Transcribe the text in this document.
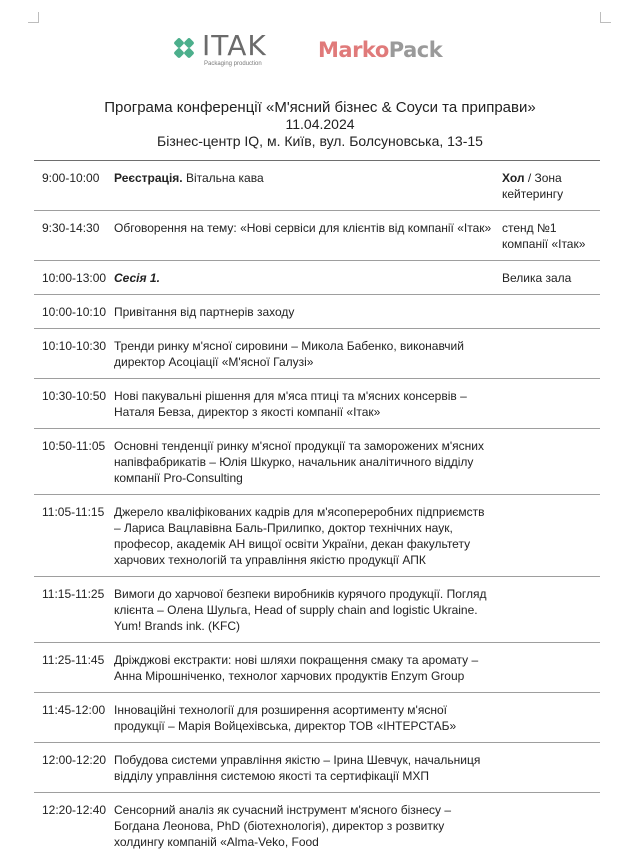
ITAK
Packaging production
MarkoPack
Програма конференції «М'ясний бізнес & Соуси та приправи»
11.04.2024
Бізнес-центр IQ, м. Київ, вул. Болсуновська, 13-15
9:00-10:00	Реєстрація. Вітальна кава	Хол / Зона кейтерингу
9:30-14:30	Обговорення на тему: «Нові сервіси для клієнтів від компанії «Ітак»	стенд №1 компанії «Ітак»
10:00-13:00	Сесія 1.	Велика зала
10:00-10:10	Привітання від партнерів заходу	
10:10-10:30	Тренди ринку м'ясної сировини – Микола Бабенко, виконавчий директор Асоціації «М'ясної Галузі»	
10:30-10:50	Нові пакувальні рішення для м'яса птиці та м'ясних консервів – Наталя Бевза, директор з якості компанії «Ітак»	
10:50-11:05	Основні тенденції ринку м'ясної продукції та заморожених м'ясних напівфабрикатів – Юлія Шкурко, начальник аналітичного відділу компанії Pro-Consulting	
11:05-11:15	Джерело кваліфікованих кадрів для м'ясопереробних підприємств – Лариса Вацлавівна Баль-Прилипко, доктор технічних наук, професор, академік АН вищої освіти України, декан факультету харчових технологій та управління якістю продукції АПК	
11:15-11:25	Вимоги до харчової безпеки виробників курячого продукції. Погляд клієнта – Олена Шульга, Head of supply chain and logistic Ukraine. Yum! Brands ink. (KFC)	
11:25-11:45	Дріжджові екстракти: нові шляхи покращення смаку та аромату – Анна Мірошніченко, технолог харчових продуктів Enzym Group	
11:45-12:00	Інноваційні технології для розширення асортименту м'ясної продукції – Марія Войцехівська, директор ТОВ «ІНТЕРСТАБ»	
12:00-12:20	Побудова системи управління якістю – Ірина Шевчук, начальниця відділу управління системою якості та сертифікації МХП	
12:20-12:40	Сенсорний аналіз як сучасний інструмент м'ясного бізнесу – Богдана Леонова, PhD (біотехнологія), директор з розвитку холдингу компаній «Alma-Veko, Food	
